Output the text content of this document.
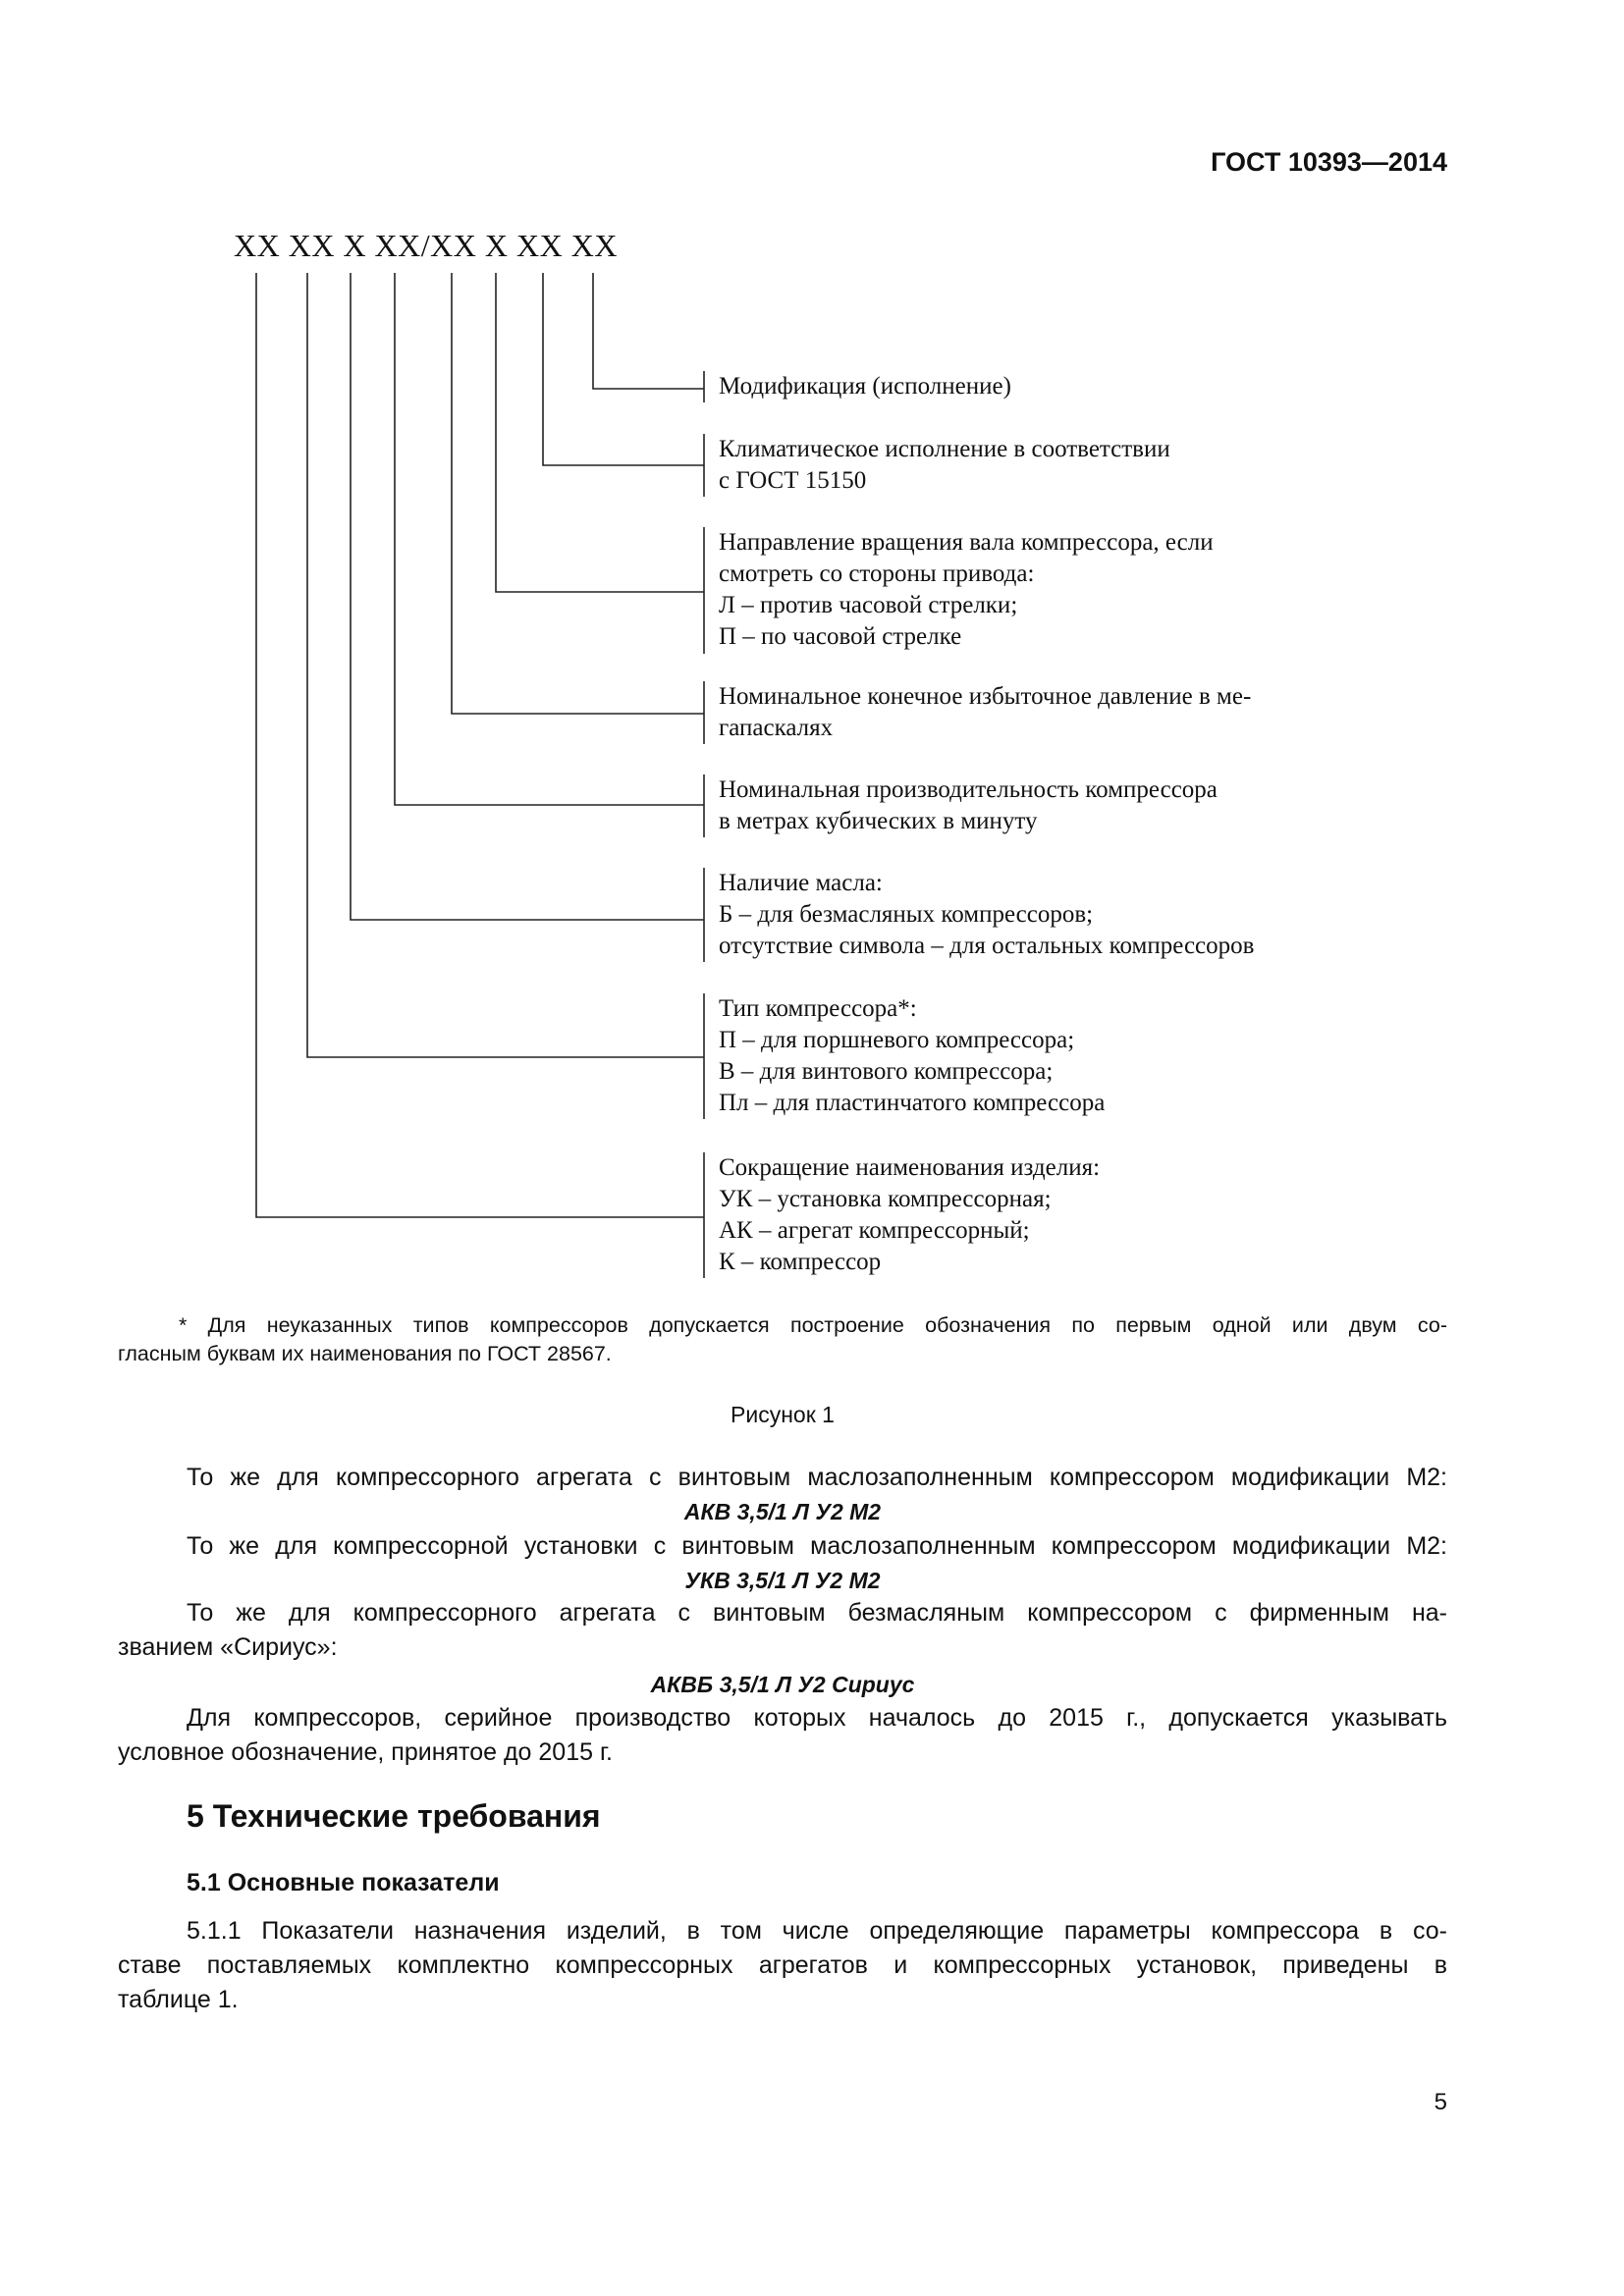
ГОСТ 10393—2014
XX XX X XX/XX X XX XX
Модификация (исполнение)
Климатическое исполнение в соответствии
с ГОСТ 15150
Направление вращения вала компрессора, если
смотреть со стороны привода:
Л – против часовой стрелки;
П – по часовой стрелке
Номинальное конечное избыточное давление в ме-
гапаскалях
Номинальная производительность компрессора
в метрах кубических в минуту
Наличие масла:
Б – для безмасляных компрессоров;
отсутствие символа – для остальных компрессоров
Тип компрессора*:
П – для поршневого компрессора;
В – для винтового компрессора;
Пл – для пластинчатого компрессора
Сокращение наименования изделия:
УК – установка компрессорная;
АК – агрегат компрессорный;
К – компрессор
* Для неуказанных типов компрессоров допускается построение обозначения по первым одной или двум со-
гласным буквам их наименования по ГОСТ 28567.
Рисунок 1
То же для компрессорного агрегата с винтовым маслозаполненным компрессором модификации М2:
АКВ 3,5/1 Л У2 М2
То же для компрессорной установки с винтовым маслозаполненным компрессором модификации М2:
УКВ 3,5/1 Л У2 М2
То же для компрессорного агрегата с винтовым безмасляным компрессором с фирменным на-
званием «Сириус»:
АКВБ 3,5/1 Л У2 Сириус
Для компрессоров, серийное производство которых началось до 2015 г., допускается указывать
условное обозначение, принятое до 2015 г.
5 Технические требования
5.1 Основные показатели
5.1.1 Показатели назначения изделий, в том числе определяющие параметры компрессора в со-
ставе поставляемых комплектно компрессорных агрегатов и компрессорных установок, приведены в
таблице 1.
5
